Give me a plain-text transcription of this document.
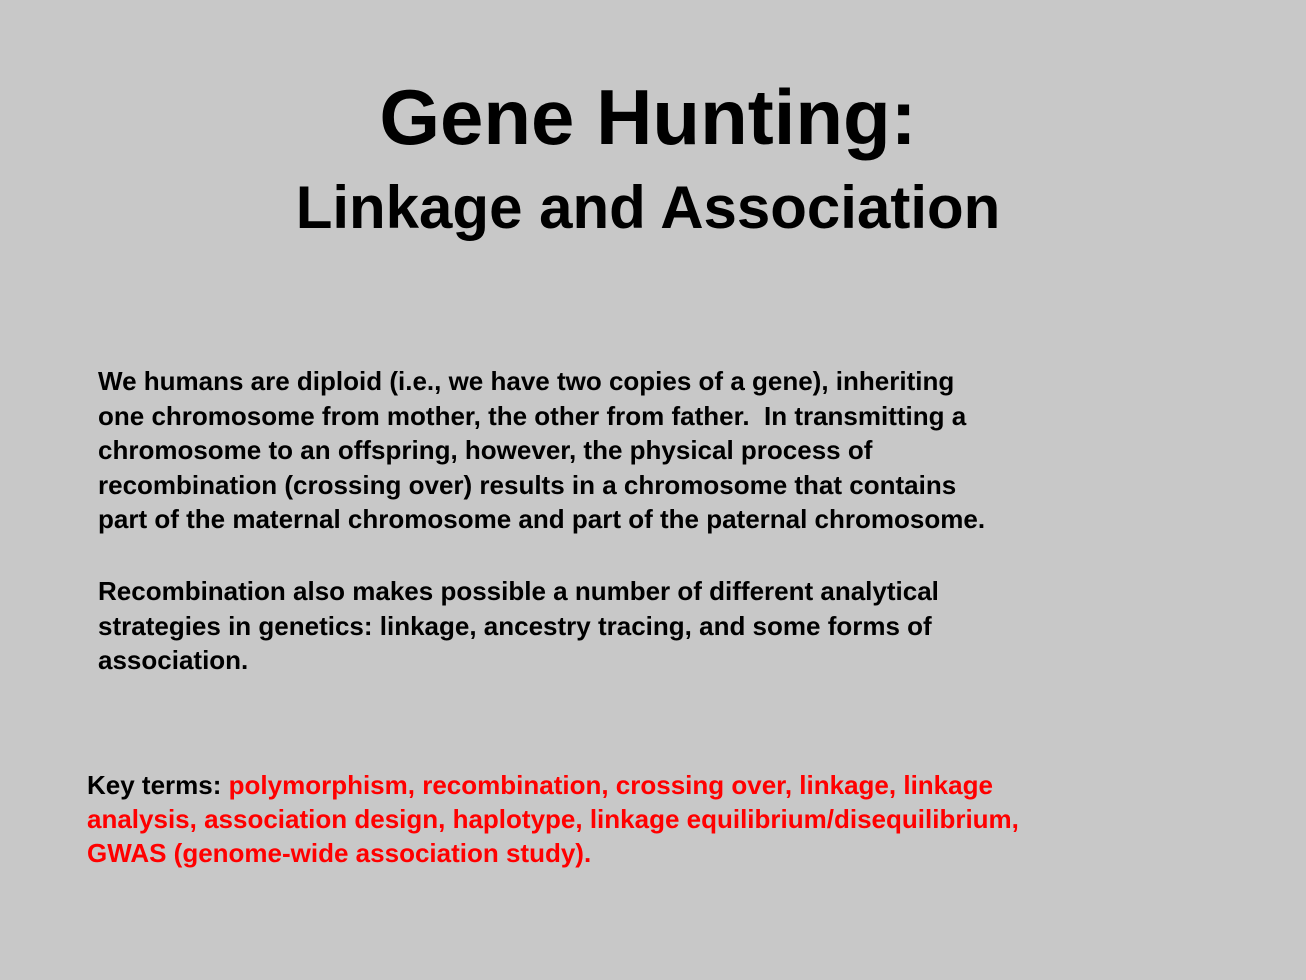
Gene Hunting:
Linkage and Association

We humans are diploid (i.e., we have two copies of a gene), inheriting
one chromosome from mother, the other from father.  In transmitting a
chromosome to an offspring, however, the physical process of
recombination (crossing over) results in a chromosome that contains
part of the maternal chromosome and part of the paternal chromosome.

Recombination also makes possible a number of different analytical
strategies in genetics: linkage, ancestry tracing, and some forms of
association.

Key terms: polymorphism, recombination, crossing over, linkage, linkage
analysis, association design, haplotype, linkage equilibrium/disequilibrium,
GWAS (genome-wide association study).
